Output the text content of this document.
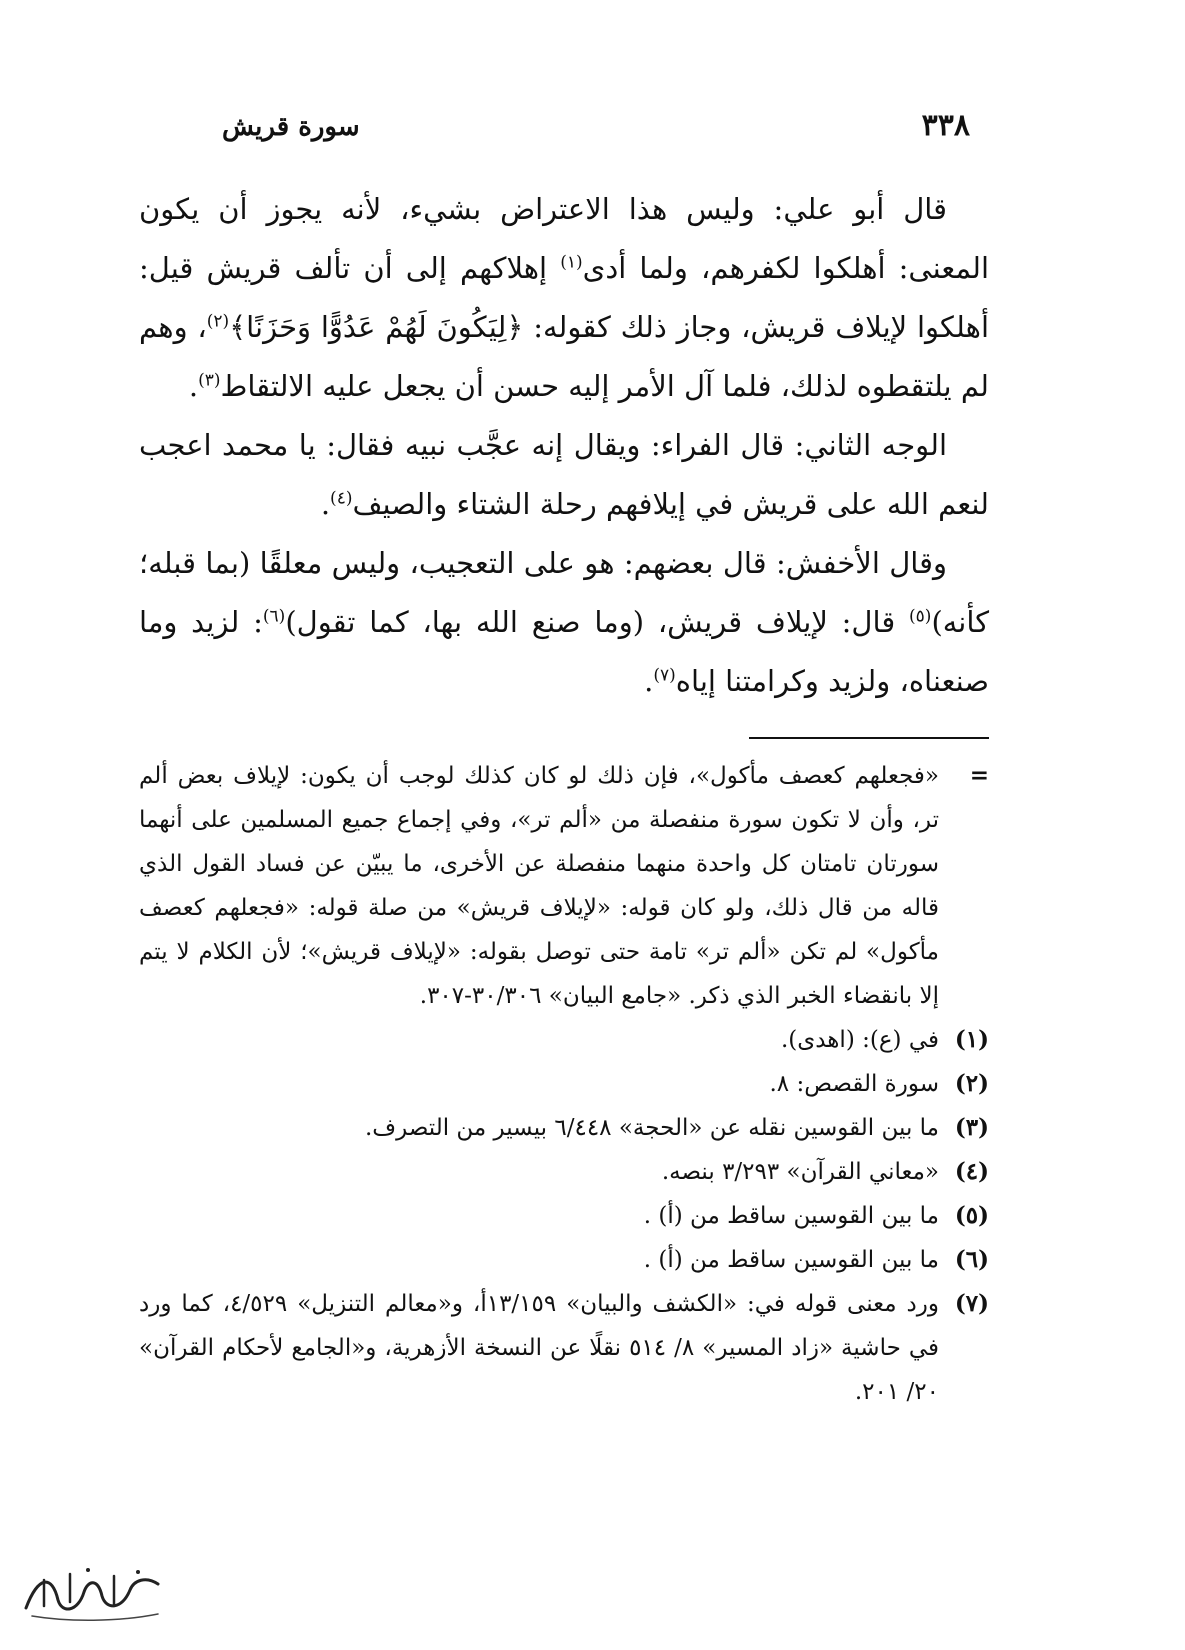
٣٣٨
سورة قريش

قال أبو علي: وليس هذا الاعتراض بشيء، لأنه يجوز أن يكون المعنى: أهلكوا لكفرهم، ولما أدى$^{(١)}$ إهلاكهم إلى أن تألف قريش قيل: أهلكوا لإيلاف قريش، وجاز ذلك كقوله: ﴿لِيَكُونَ لَهُمْ عَدُوًّا وَحَزَنًا﴾$^{(٢)}$، وهم لم يلتقطوه لذلك، فلما آل الأمر إليه حسن أن يجعل عليه الالتقاط$^{(٣)}$.

الوجه الثاني: قال الفراء: ويقال إنه عجَّب نبيه فقال: يا محمد اعجب لنعم الله على قريش في إيلافهم رحلة الشتاء والصيف$^{(٤)}$.

وقال الأخفش: قال بعضهم: هو على التعجيب، وليس معلقًا (بما قبله؛ كأنه)$^{(٥)}$ قال: لإيلاف قريش، (وما صنع الله بها، كما تقول)$^{(٦)}$: لزيد وما صنعناه، ولزيد وكرامتنا إياه$^{(٧)}$.

=
«فجعلهم كعصف مأكول»، فإن ذلك لو كان كذلك لوجب أن يكون: لإيلاف بعض ألم تر، وأن لا تكون سورة منفصلة من «ألم تر»، وفي إجماع جميع المسلمين على أنهما سورتان تامتان كل واحدة منهما منفصلة عن الأخرى، ما يبيّن عن فساد القول الذي قاله من قال ذلك، ولو كان قوله: «لإيلاف قريش» من صلة قوله: «فجعلهم كعصف مأكول» لم تكن «ألم تر» تامة حتى توصل بقوله: «لإيلاف قريش»؛ لأن الكلام لا يتم إلا بانقضاء الخبر الذي ذكر. «جامع البيان» ٣٠/٣٠٦-٣٠٧.
(١)
في (ع): (اهدى).
(٢)
سورة القصص: ٨.
(٣)
ما بين القوسين نقله عن «الحجة» ٦/٤٤٨ بيسير من التصرف.
(٤)
«معاني القرآن» ٣/٢٩٣ بنصه.
(٥)
ما بين القوسين ساقط من (أ) .
(٦)
ما بين القوسين ساقط من (أ) .
(٧)
ورد معنى قوله في: «الكشف والبيان» ١٣/١٥٩أ، و«معالم التنزيل» ٤/٥٢٩، كما ورد في حاشية «زاد المسير» ٨/ ٥١٤ نقلًا عن النسخة الأزهرية، و«الجامع لأحكام القرآن» ٢٠/ ٢٠١.
